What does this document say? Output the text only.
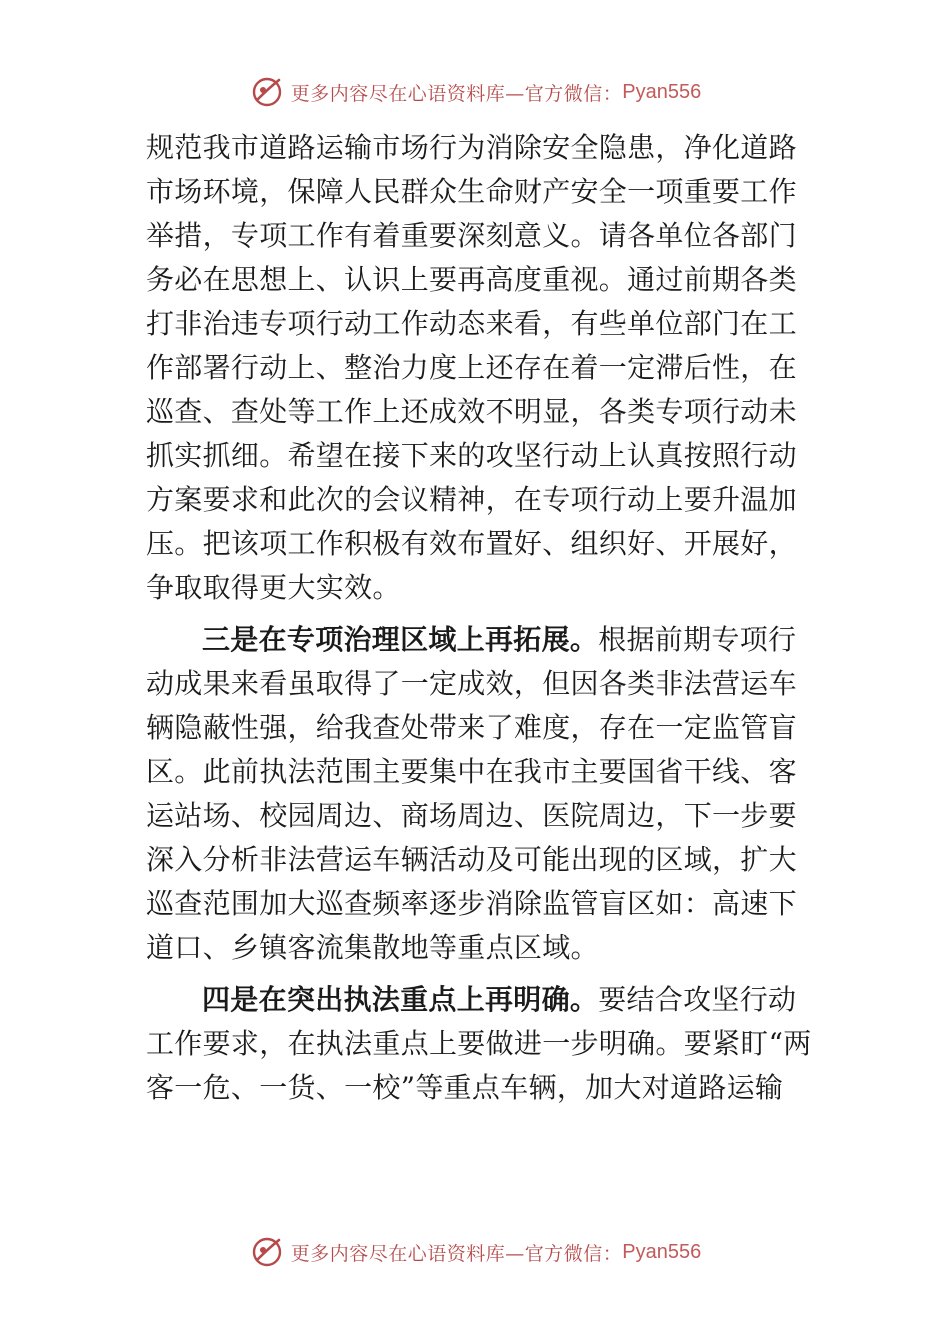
更多内容尽在心语资料库—官方微信： Pyan556
规范我市道路运输市场行为消除安全隐患，净化道路
市场环境，保障人民群众生命财产安全一项重要工作
举措，专项工作有着重要深刻意义。请各单位各部门
务必在思想上、认识上要再高度重视。通过前期各类
打非治违专项行动工作动态来看，有些单位部门在工
作部署行动上、整治力度上还存在着一定滞后性，在
巡查、查处等工作上还成效不明显，各类专项行动未
抓实抓细。希望在接下来的攻坚行动上认真按照行动
方案要求和此次的会议精神，在专项行动上要升温加
压。把该项工作积极有效布置好、组织好、开展好，
争取取得更大实效。
三是在专项治理区域上再拓展。根据前期专项行
动成果来看虽取得了一定成效，但因各类非法营运车
辆隐蔽性强，给我查处带来了难度，存在一定监管盲
区。此前执法范围主要集中在我市主要国省干线、客
运站场、校园周边、商场周边、医院周边，下一步要
深入分析非法营运车辆活动及可能出现的区域，扩大
巡查范围加大巡查频率逐步消除监管盲区如：高速下
道口、乡镇客流集散地等重点区域。
四是在突出执法重点上再明确。要结合攻坚行动
工作要求，在执法重点上要做进一步明确。要紧盯“两
客一危、一货、一校”等重点车辆，加大对道路运输
更多内容尽在心语资料库—官方微信： Pyan556
